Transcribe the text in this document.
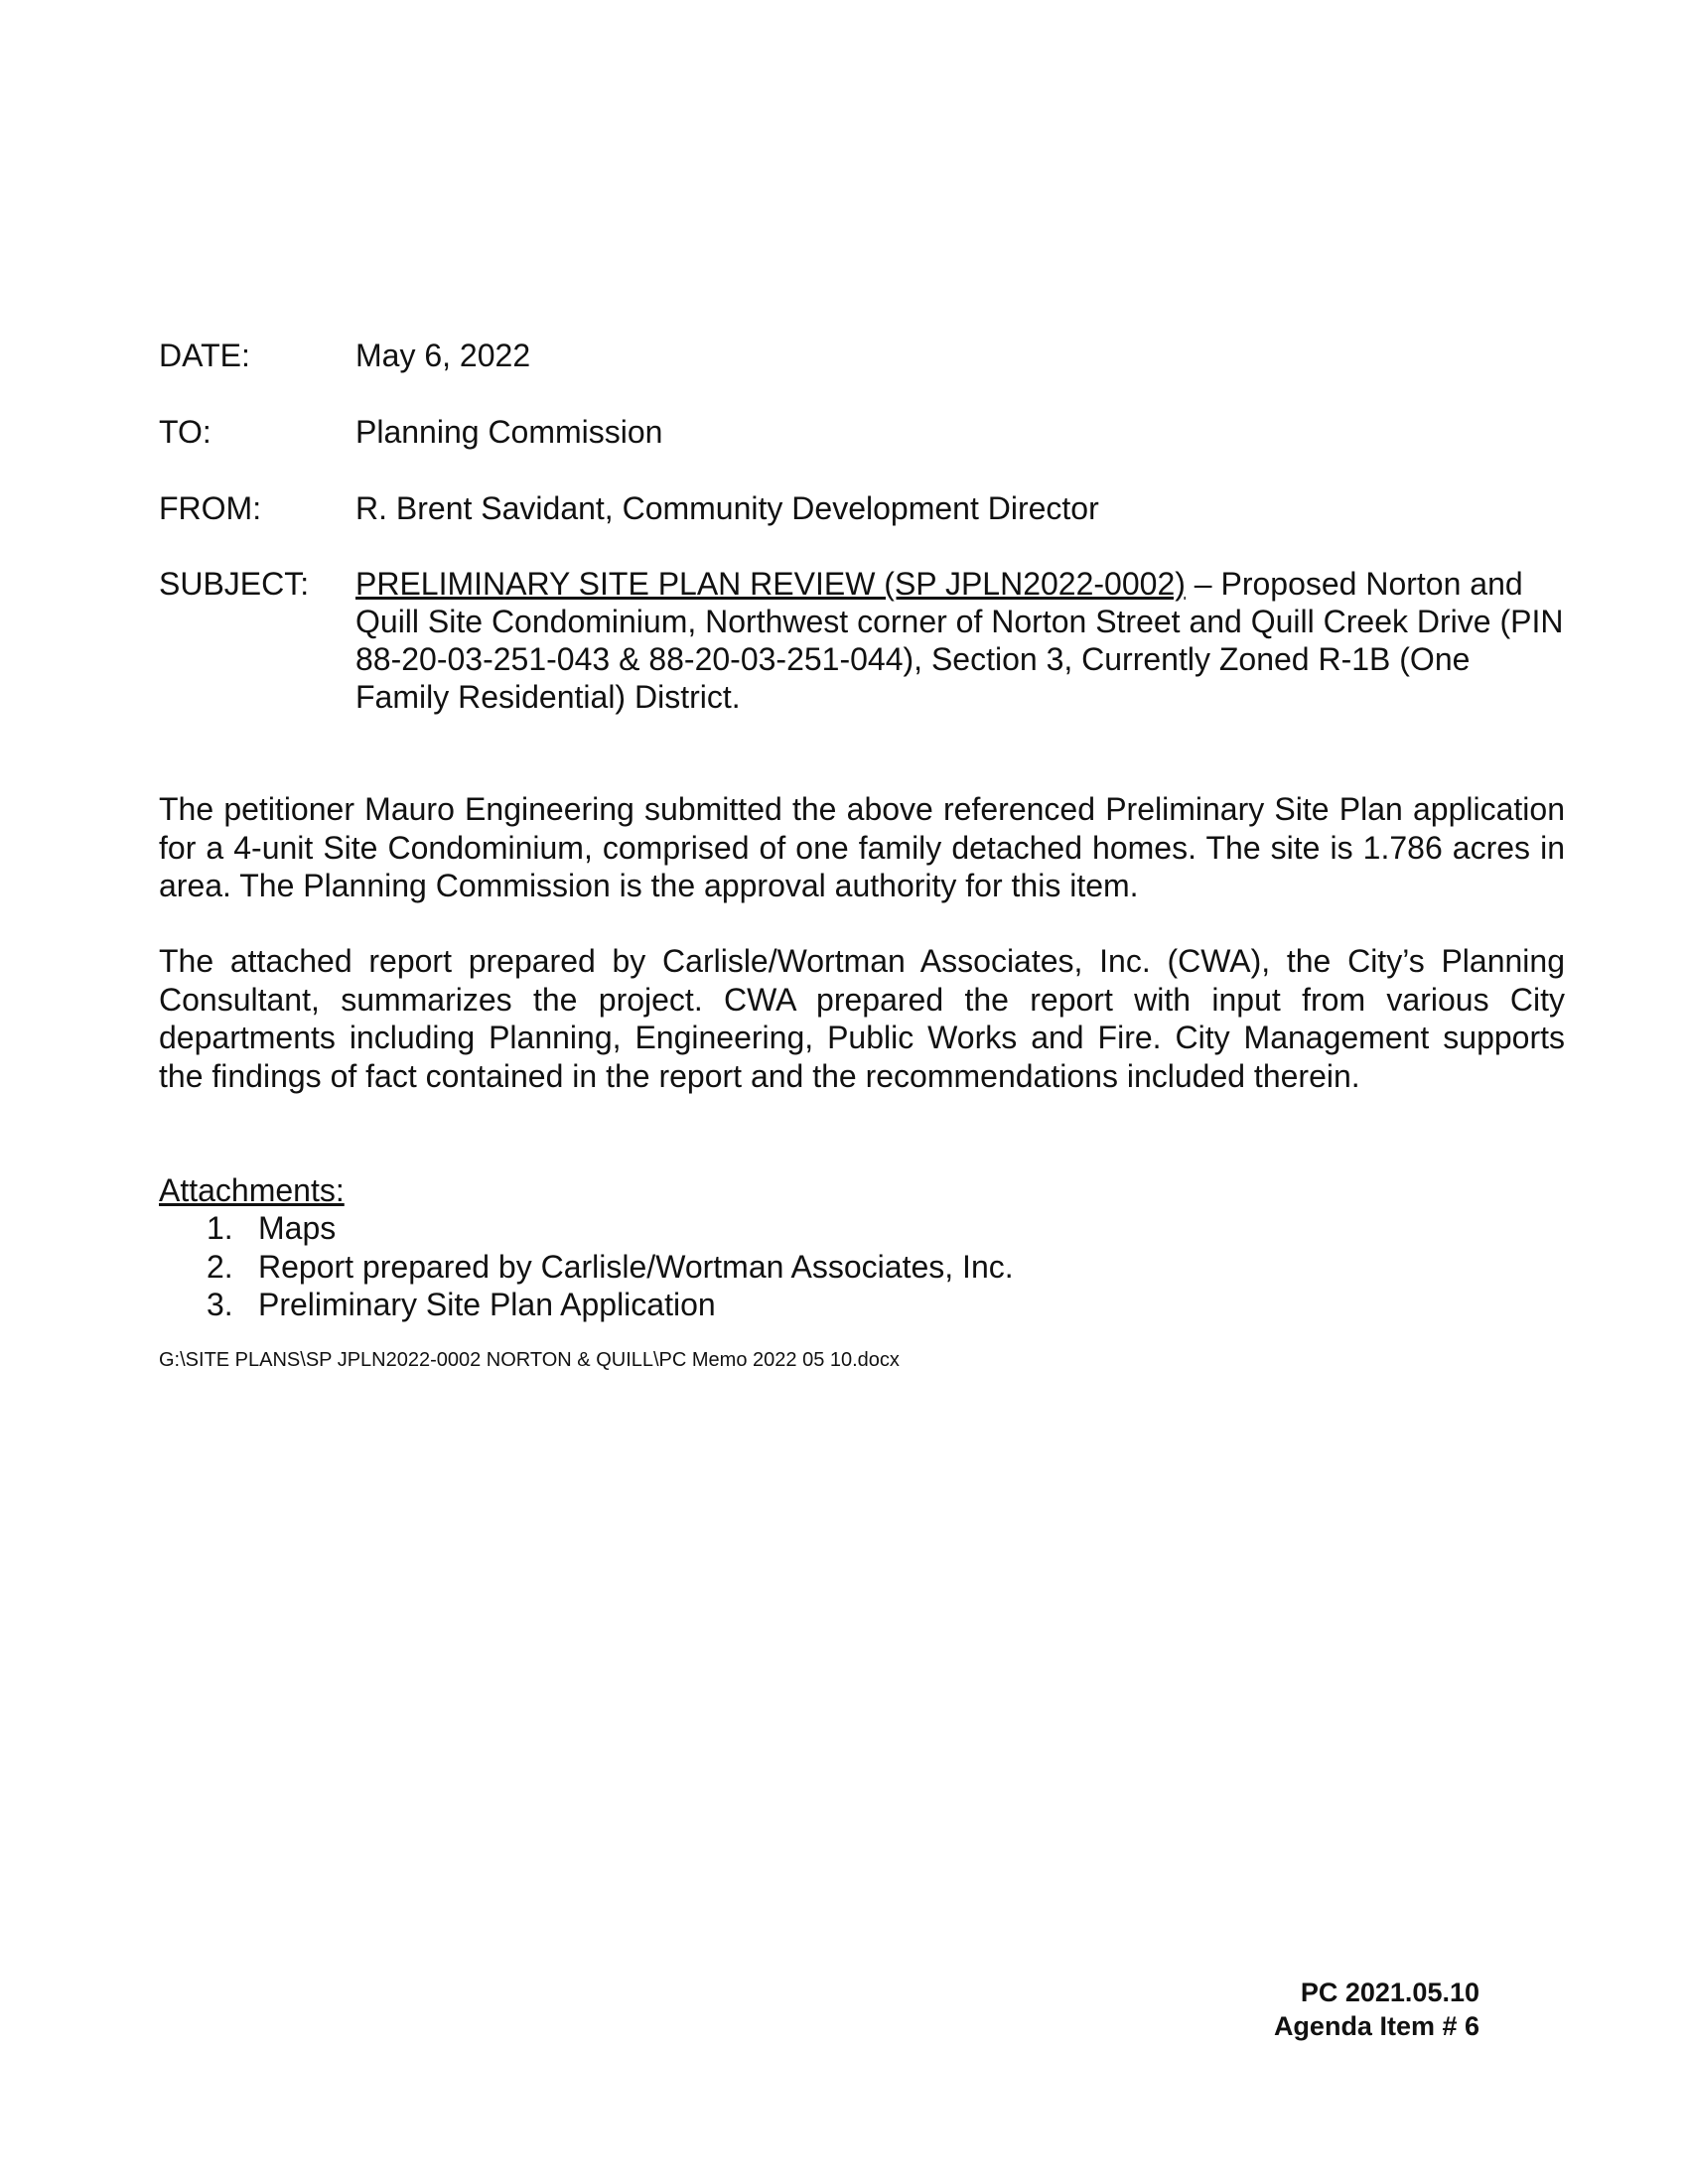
DATE:	May 6, 2022
TO:	Planning Commission
FROM:	R. Brent Savidant, Community Development Director
SUBJECT: PRELIMINARY SITE PLAN REVIEW (SP JPLN2022-0002) – Proposed Norton and Quill Site Condominium, Northwest corner of Norton Street and Quill Creek Drive (PIN 88-20-03-251-043 & 88-20-03-251-044), Section 3, Currently Zoned R-1B (One Family Residential) District.
The petitioner Mauro Engineering submitted the above referenced Preliminary Site Plan application for a 4-unit Site Condominium, comprised of one family detached homes. The site is 1.786 acres in area. The Planning Commission is the approval authority for this item.
The attached report prepared by Carlisle/Wortman Associates, Inc. (CWA), the City’s Planning Consultant, summarizes the project. CWA prepared the report with input from various City departments including Planning, Engineering, Public Works and Fire. City Management supports the findings of fact contained in the report and the recommendations included therein.
Attachments:
1. Maps
2. Report prepared by Carlisle/Wortman Associates, Inc.
3. Preliminary Site Plan Application
G:\SITE PLANS\SP JPLN2022-0002 NORTON & QUILL\PC Memo 2022 05 10.docx
PC 2021.05.10
Agenda Item # 6
